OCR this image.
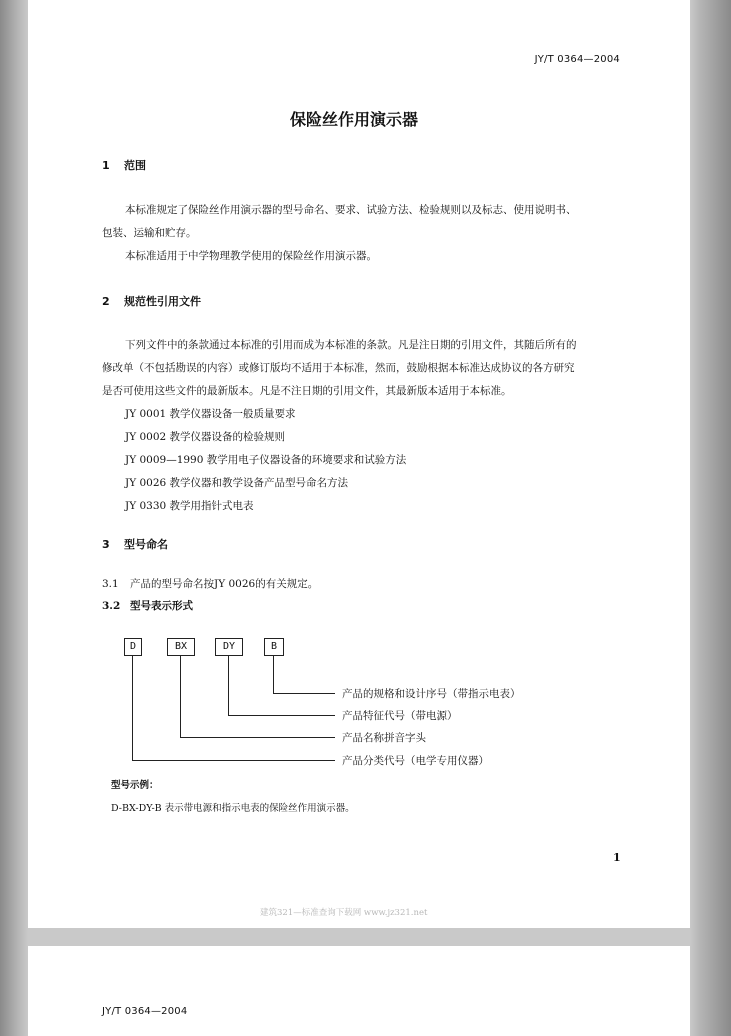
JY/T 0364—2004
保险丝作用演示器
1 范围
本标准规定了保险丝作用演示器的型号命名、要求、试验方法、检验规则以及标志、使用说明书、
包装、运输和贮存。
本标准适用于中学物理教学使用的保险丝作用演示器。
2 规范性引用文件
下列文件中的条款通过本标准的引用而成为本标准的条款。凡是注日期的引用文件，其随后所有的
修改单（不包括勘误的内容）或修订版均不适用于本标准，然而，鼓励根据本标准达成协议的各方研究
是否可使用这些文件的最新版本。凡是不注日期的引用文件，其最新版本适用于本标准。
JY 0001 教学仪器设备一般质量要求
JY 0002 教学仪器设备的检验规则
JY 0009—1990 教学用电子仪器设备的环境要求和试验方法
JY 0026 教学仪器和教学设备产品型号命名方法
JY 0330 教学用指针式电表
3 型号命名
3.1 产品的型号命名按JY 0026的有关规定。
3.2 型号表示形式
D	BX	DY	B
产品的规格和设计序号（带指示电表）
产品特征代号（带电源）
产品名称拼音字头
产品分类代号（电学专用仪器）
型号示例：
D-BX-DY-B 表示带电源和指示电表的保险丝作用演示器。
1
建筑321—标准查询下载网 www.jz321.net
JY/T 0364—2004
